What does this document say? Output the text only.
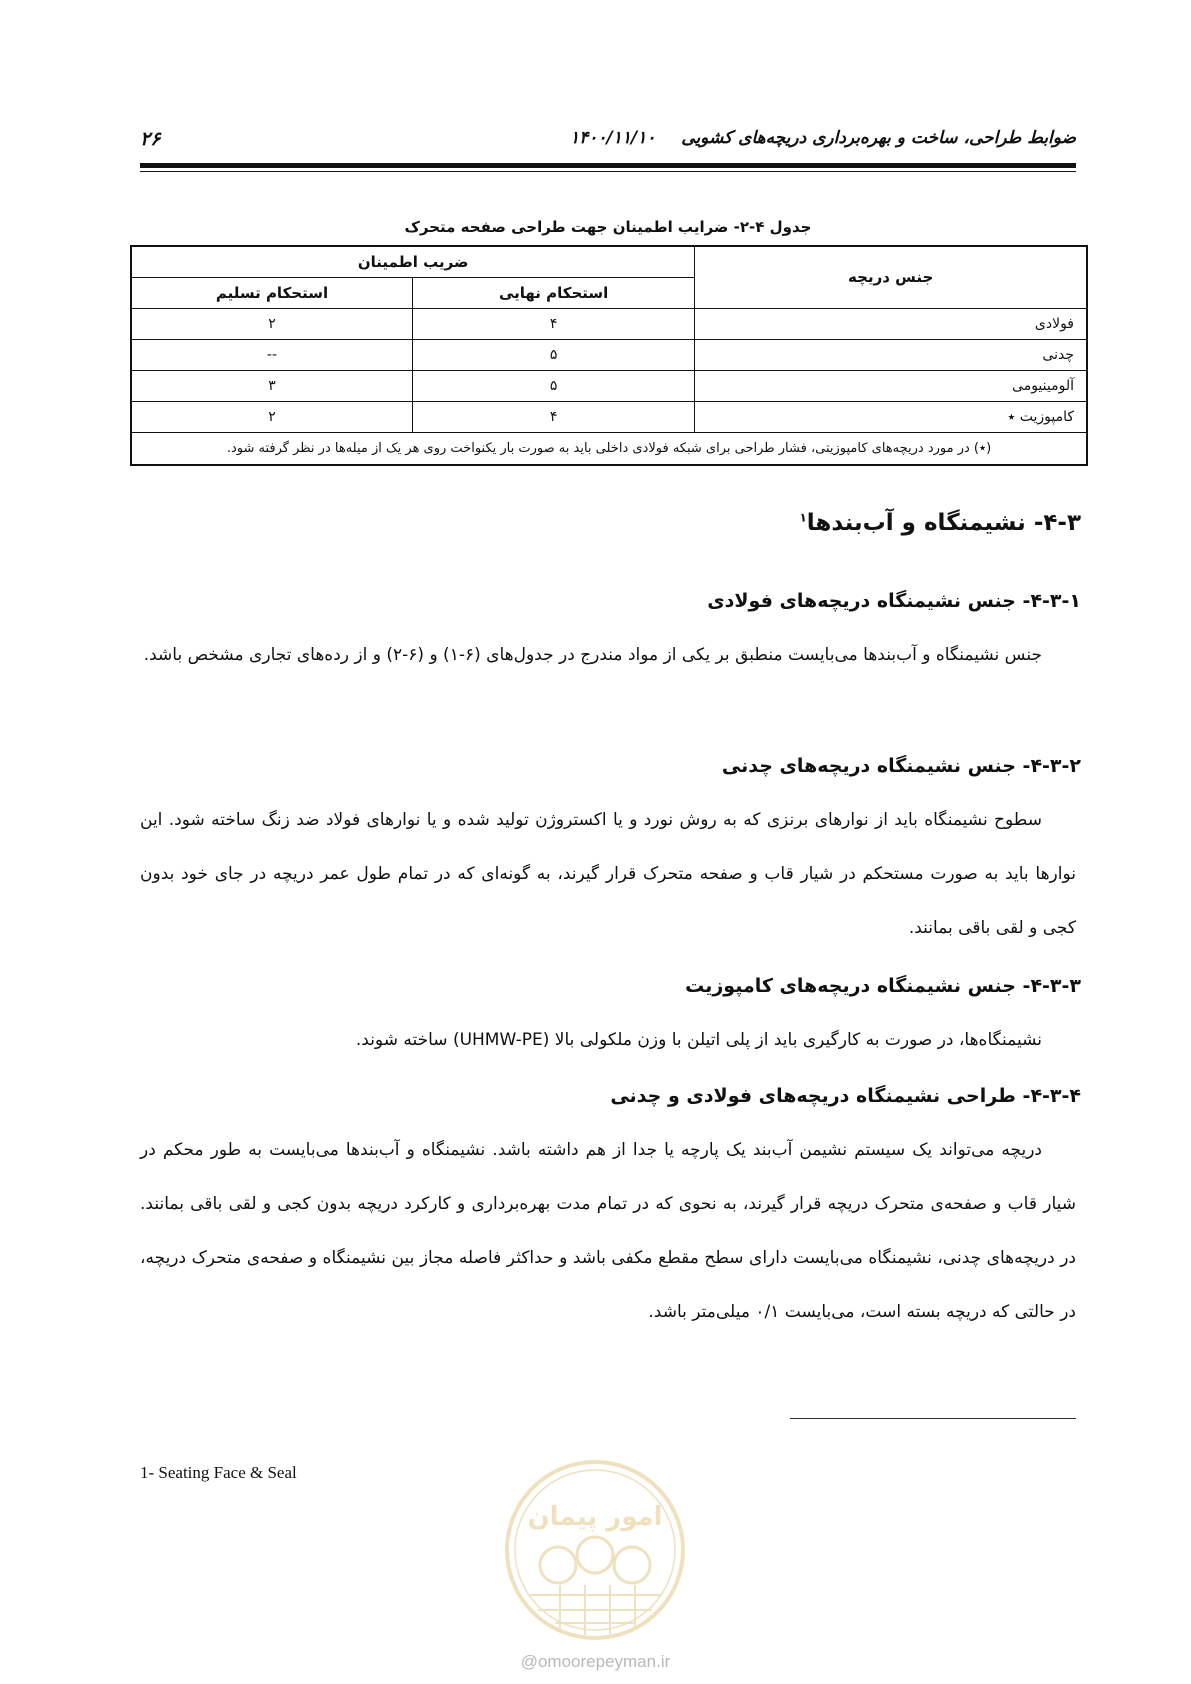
۲۶	۱۴۰۰/۱۱/۱۰ ضوابط طراحی، ساخت و بهره‌برداری دریچه‌های کشویی
جدول ۴-۲- ضرایب اطمینان جهت طراحی صفحه متحرک
جنس دریچه	ضریب اطمینان	
	استحکام نهایی	استحکام تسلیم
فولادی	۴	۲
چدنی	۵	--
آلومینیومی	۵	۳
کامپوزیت ٭	۴	۲
(٭) در مورد دریچه‌های کامپوزیتی، فشار طراحی برای شبکه فولادی داخلی باید به صورت بار یکنواخت روی هر یک از میله‌ها در نظر گرفته شود.		
۴-۳- نشیمنگاه و آب‌بندها$^۱$
۴-۳-۱- جنس نشیمنگاه دریچه‌های فولادی
جنس نشیمنگاه و آب‌بندها می‌بایست منطبق بر یکی از مواد مندرج در جدول‌های (۶-۱) و (۶-۲) و از رده‌های تجاری مشخص باشد.
۴-۳-۲- جنس نشیمنگاه دریچه‌های چدنی
سطوح نشیمنگاه باید از نوارهای برنزی که به روش نورد و یا اکستروژن تولید شده و یا نوارهای فولاد ضد زنگ ساخته شود. این نوارها باید به صورت مستحکم در شیار قاب و صفحه متحرک قرار گیرند، به گونه‌ای که در تمام طول عمر دریچه در جای خود بدون کجی و لقی باقی بمانند.
۴-۳-۳- جنس نشیمنگاه دریچه‌های کامپوزیت
نشیمنگاه‌ها، در صورت به کارگیری باید از پلی اتیلن با وزن ملکولی بالا (UHMW-PE) ساخته شوند.
۴-۳-۴- طراحی نشیمنگاه دریچه‌های فولادی و چدنی
دریچه می‌تواند یک سیستم نشیمن آب‌بند یک پارچه یا جدا از هم داشته باشد. نشیمنگاه و آب‌بندها می‌بایست به طور محکم در شیار قاب و صفحه‌ی متحرک دریچه قرار گیرند، به نحوی که در تمام مدت بهره‌برداری و کارکرد دریچه بدون کجی و لقی باقی بمانند. در دریچه‌های چدنی، نشیمنگاه می‌بایست دارای سطح مقطع مکفی باشد و حداکثر فاصله مجاز بین نشیمنگاه و صفحه‌ی متحرک دریچه، در حالتی که دریچه بسته است، می‌بایست ۰/۱ میلی‌متر باشد.
1- Seating Face & Seal
امور پیمان
@omoorepeyman.ir
